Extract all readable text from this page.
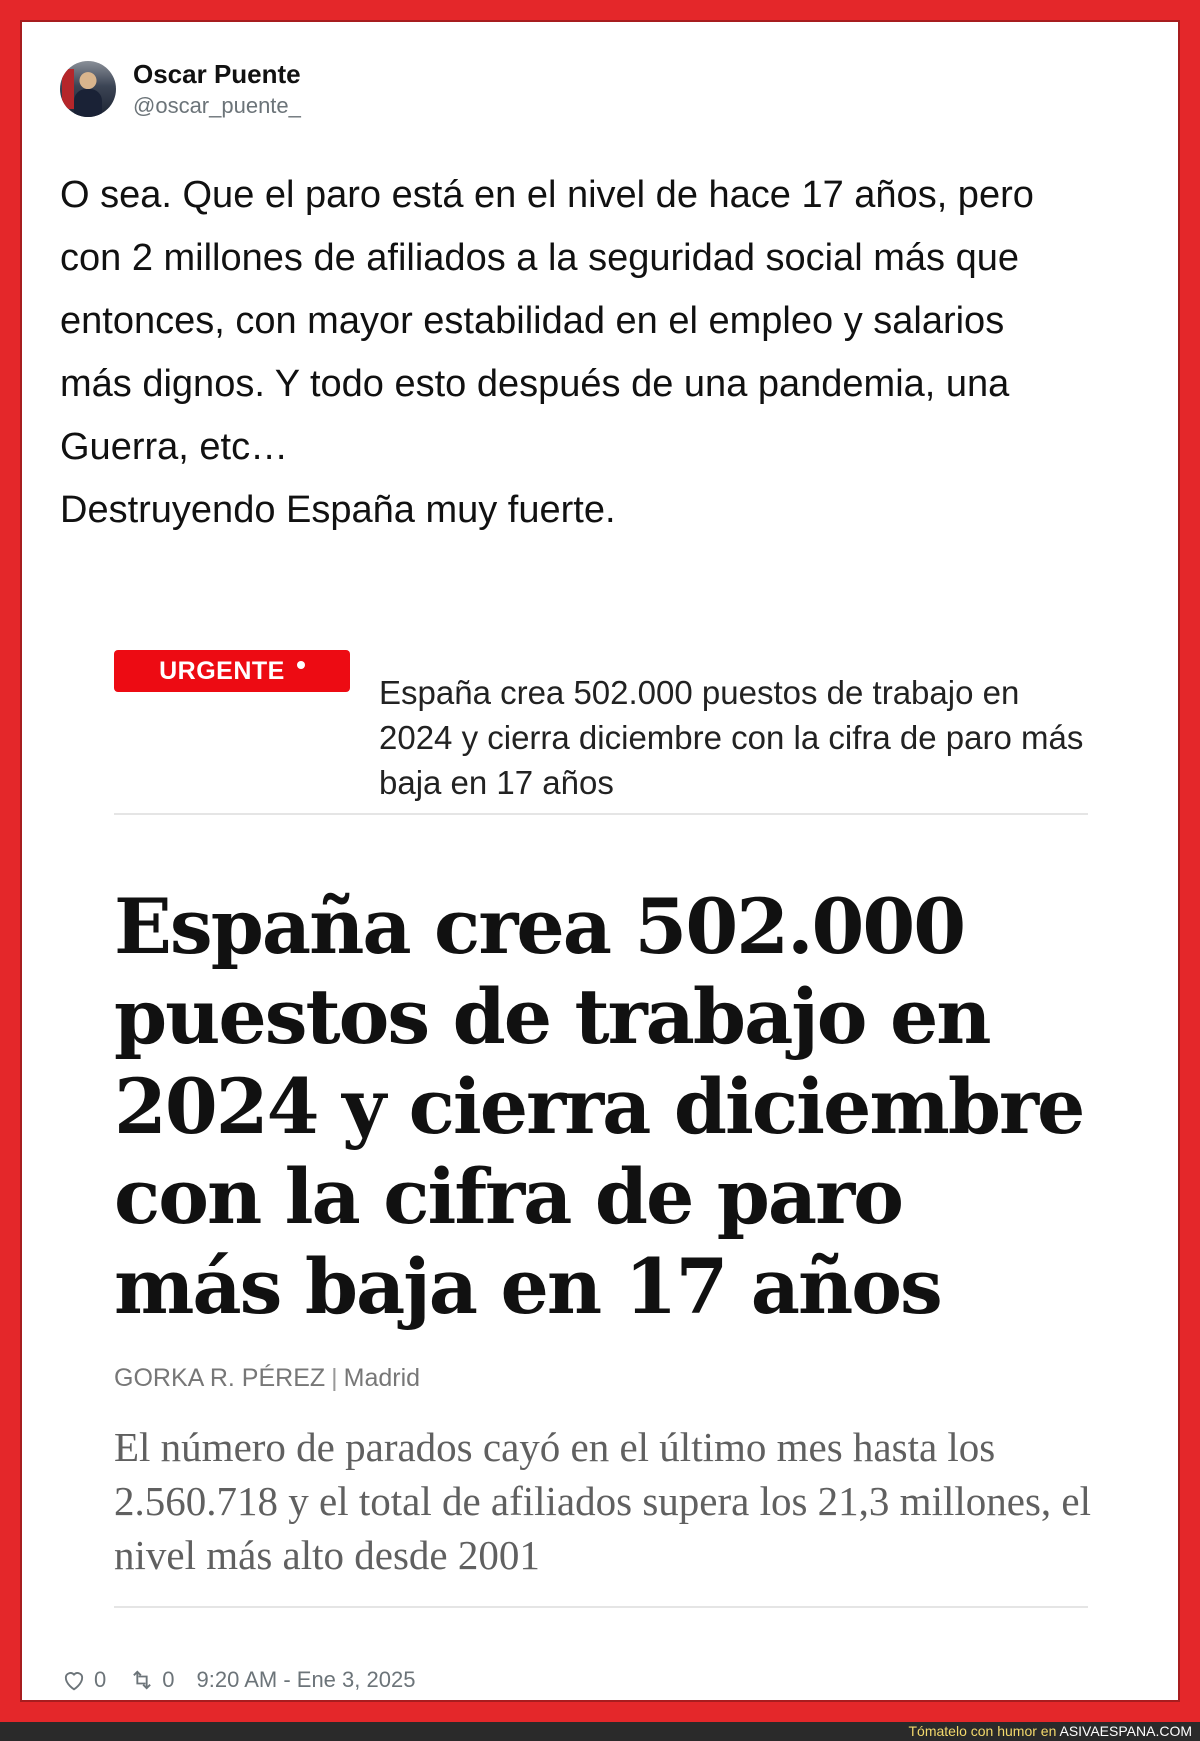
Oscar Puente
@oscar_puente_

O sea. Que el paro está en el nivel de hace 17 años, pero

con 2 millones de afiliados a la seguridad social más que

entonces, con mayor estabilidad en el empleo y salarios

más dignos. Y todo esto después de una pandemia, una

Guerra, etc…

Destruyendo España muy fuerte.

URGENTE
España crea 502.000 puestos de trabajo en 2024 y cierra diciembre con la cifra de paro más baja en 17 años
España crea 502.000 puestos de trabajo en 2024 y cierra diciembre con la cifra de paro más baja en 17 años
GORKA R. PÉREZ | Madrid
El número de parados cayó en el último mes hasta los 2.560.718 y el total de afiliados supera los 21,3 millones, el nivel más alto desde 2001
0	0 9:20 AM - Ene 3, 2025
Tómatelo con humor en ASIVAESPANA.COM
